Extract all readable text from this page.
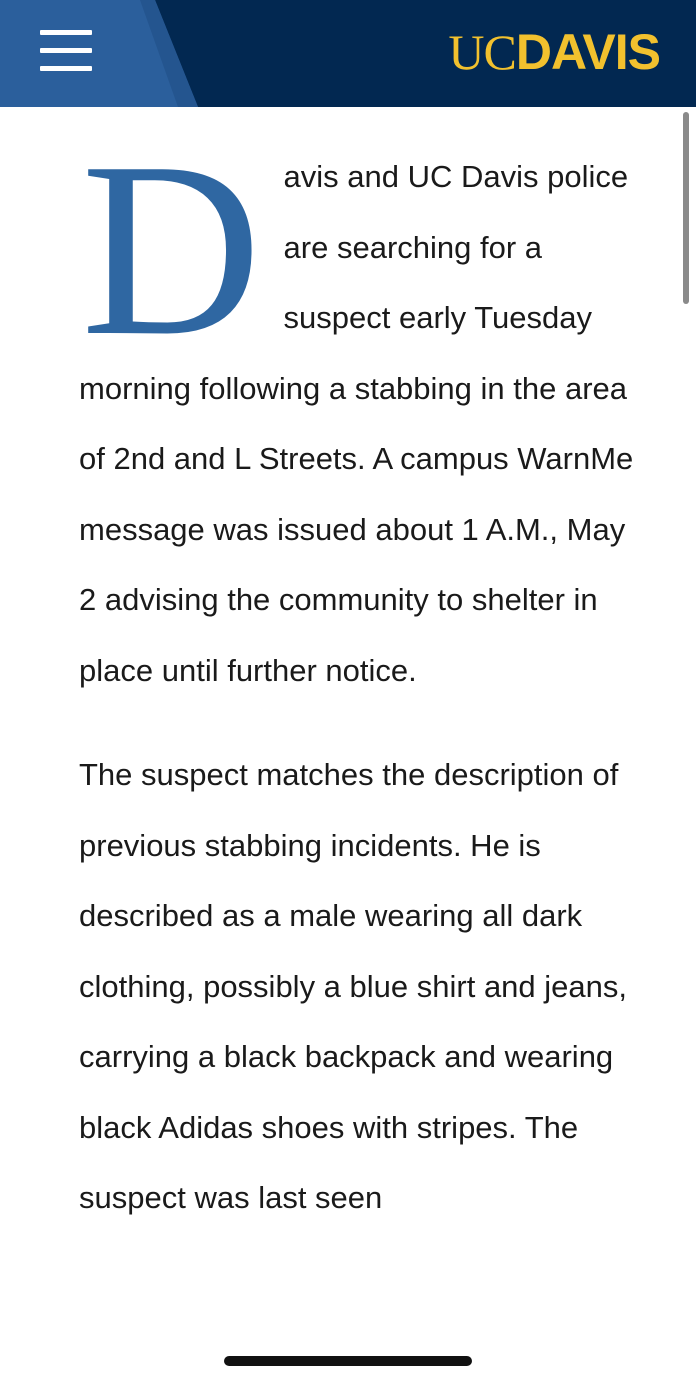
UCDAVIS

Davis and UC Davis police are searching for a suspect early Tuesday morning following a stabbing in the area of 2nd and L Streets. A campus WarnMe message was issued about 1 A.M., May 2 advising the community to shelter in place until further notice.

The suspect matches the description of previous stabbing incidents. He is described as a male wearing all dark clothing, possibly a blue shirt and jeans, carrying a black backpack and wearing black Adidas shoes with stripes. The suspect was last seen
